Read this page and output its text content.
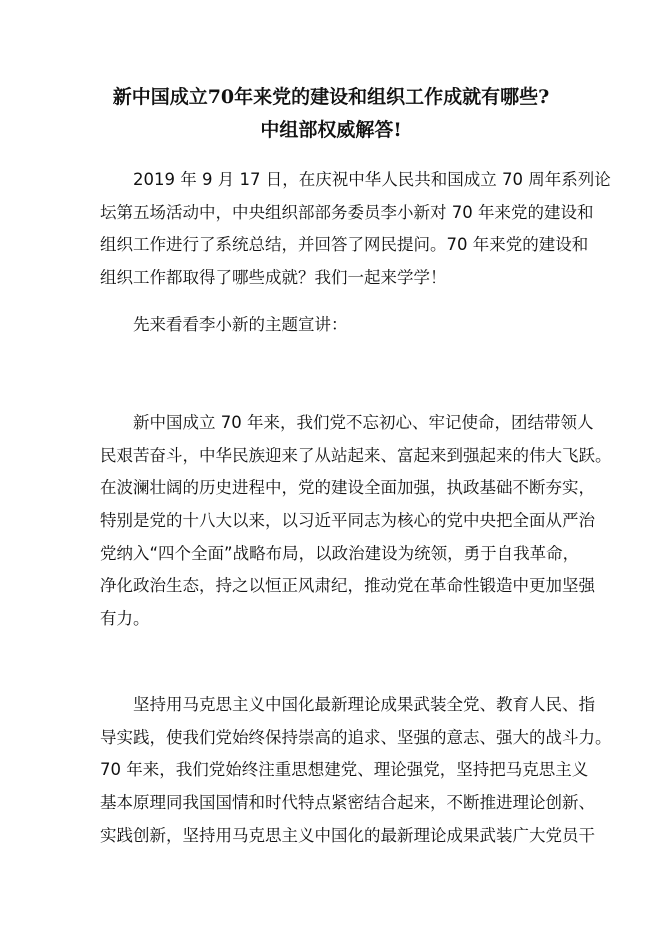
新中国成立70年来党的建设和组织工作成就有哪些?
中组部权威解答!
2019 年 9 月 17 日，在庆祝中华人民共和国成立 70 周年系列论
坛第五场活动中，中央组织部部务委员李小新对 70 年来党的建设和
组织工作进行了系统总结，并回答了网民提问。70 年来党的建设和
组织工作都取得了哪些成就？我们一起来学学！
先来看看李小新的主题宣讲：
新中国成立 70 年来，我们党不忘初心、牢记使命，团结带领人
民艰苦奋斗，中华民族迎来了从站起来、富起来到强起来的伟大飞跃。
在波澜壮阔的历史进程中，党的建设全面加强，执政基础不断夯实，
特别是党的十八大以来，以习近平同志为核心的党中央把全面从严治
党纳入“四个全面”战略布局，以政治建设为统领，勇于自我革命，
净化政治生态，持之以恒正风肃纪，推动党在革命性锻造中更加坚强
有力。
坚持用马克思主义中国化最新理论成果武装全党、教育人民、指
导实践，使我们党始终保持崇高的追求、坚强的意志、强大的战斗力。
70 年来，我们党始终注重思想建党、理论强党，坚持把马克思主义
基本原理同我国国情和时代特点紧密结合起来，不断推进理论创新、
实践创新，坚持用马克思主义中国化的最新理论成果武装广大党员干
